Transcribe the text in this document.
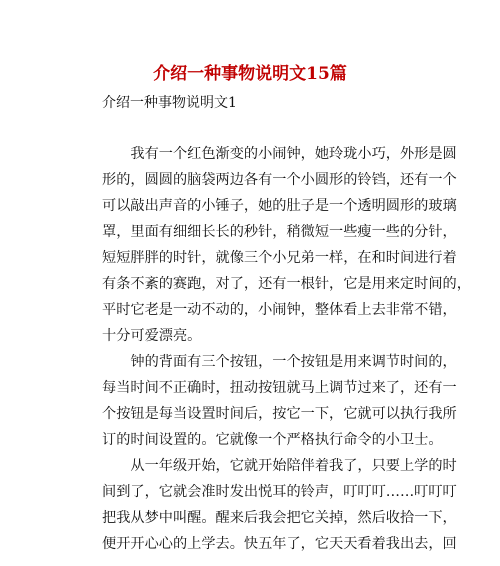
介绍一种事物说明文15篇

介绍一种事物说明文1

　　我有一个红色渐变的小闹钟，她玲珑小巧，外形是圆
形的，圆圆的脑袋两边各有一个小圆形的铃铛，还有一个
可以敲出声音的小锤子，她的肚子是一个透明圆形的玻璃
罩，里面有细细长长的秒针，稍微短一些瘦一些的分针，
短短胖胖的时针，就像三个小兄弟一样，在和时间进行着
有条不紊的赛跑，对了，还有一根针，它是用来定时间的，
平时它老是一动不动的，小闹钟，整体看上去非常不错，
十分可爱漂亮。

　　钟的背面有三个按钮，一个按钮是用来调节时间的，
每当时间不正确时，扭动按钮就马上调节过来了，还有一
个按钮是每当设置时间后，按它一下，它就可以执行我所
订的时间设置的。它就像一个严格执行命令的小卫士。

　　从一年级开始，它就开始陪伴着我了，只要上学的时
间到了，它就会准时发出悦耳的铃声，叮叮叮……叮叮叮
把我从梦中叫醒。醒来后我会把它关掉，然后收拾一下，
便开开心心的上学去。快五年了，它天天看着我出去，回
